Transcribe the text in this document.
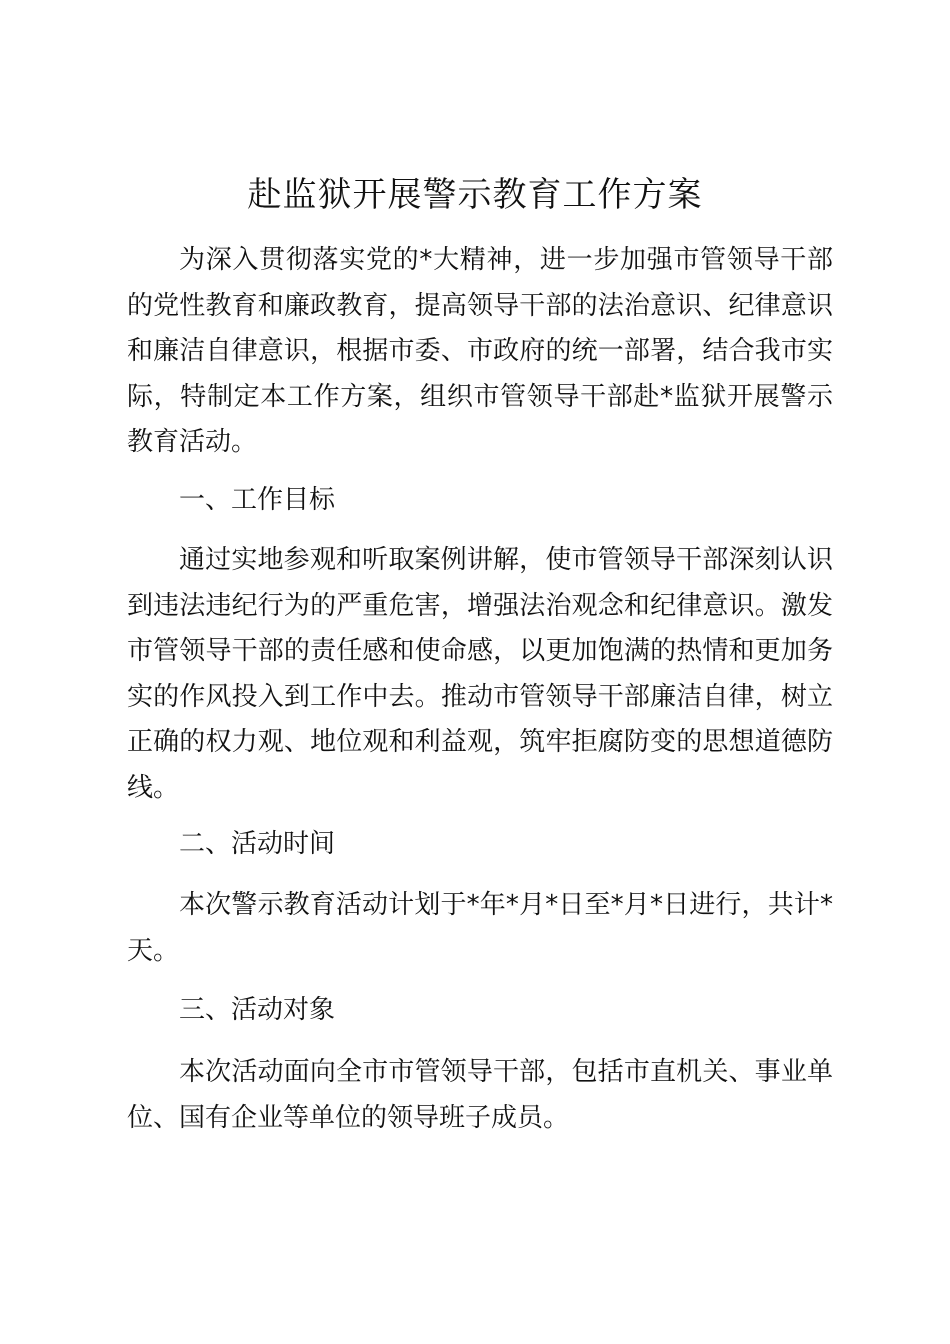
赴监狱开展警示教育工作方案

为深入贯彻落实党的*大精神，进一步加强市管领导干部的党性教育和廉政教育，提高领导干部的法治意识、纪律意识和廉洁自律意识，根据市委、市政府的统一部署，结合我市实际，特制定本工作方案，组织市管领导干部赴*监狱开展警示教育活动。

一、工作目标

通过实地参观和听取案例讲解，使市管领导干部深刻认识到违法违纪行为的严重危害，增强法治观念和纪律意识。激发市管领导干部的责任感和使命感，以更加饱满的热情和更加务实的作风投入到工作中去。推动市管领导干部廉洁自律，树立正确的权力观、地位观和利益观，筑牢拒腐防变的思想道德防线。

二、活动时间

本次警示教育活动计划于*年*月*日至*月*日进行，共计*天。

三、活动对象

本次活动面向全市市管领导干部，包括市直机关、事业单位、国有企业等单位的领导班子成员。
